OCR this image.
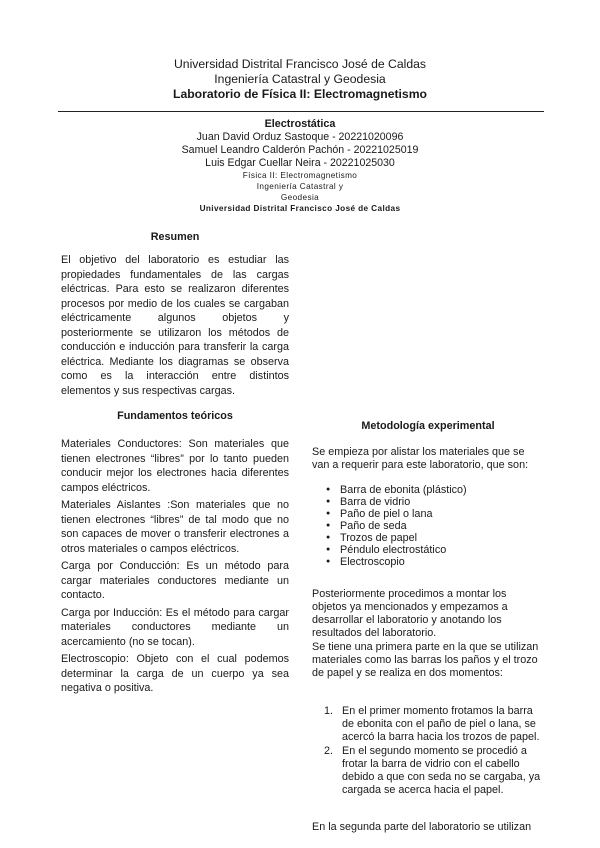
Universidad Distrital Francisco José de Caldas
Ingeniería Catastral y Geodesia
Laboratorio de Física II: Electromagnetismo
Electrostática
Juan David Orduz Sastoque - 20221020096
Samuel Leandro Calderón Pachón - 20221025019
Luis Edgar Cuellar Neira - 20221025030
Física II: Electromagnetismo
Ingeniería Catastral y
Geodesia
Universidad Distrital Francisco José de Caldas
Resumen
El objetivo del laboratorio es estudiar las propiedades fundamentales de las cargas eléctricas. Para esto se realizaron diferentes procesos por medio de los cuales se cargaban eléctricamente algunos objetos y posteriormente se utilizaron los métodos de conducción e inducción para transferir la carga eléctrica. Mediante los diagramas se observa como es la interacción entre distintos elementos y sus respectivas cargas.
Fundamentos teóricos

Materiales Conductores: Son materiales que tienen electrones “libres” por lo tanto pueden conducir mejor los electrones hacia diferentes campos eléctricos.

Materiales Aislantes :Son materiales que no tienen electrones “libres” de tal modo que no son capaces de mover o transferir electrones a otros materiales o campos eléctricos.

Carga por Conducción: Es un método para cargar materiales conductores mediante un contacto.

Carga por Inducción: Es el método para cargar materiales conductores mediante un acercamiento (no se tocan).

Electroscopio: Objeto con el cual podemos determinar la carga de un cuerpo ya sea negativa o positiva.

Metodología experimental
Se empieza por alistar los materiales que se van a requerir para este laboratorio, que son:
● Barra de ebonita (plástico)
● Barra de vidrio
● Paño de piel o lana
● Paño de seda
● Trozos de papel
● Péndulo electrostático
● Electroscopio
Posteriormente procedimos a montar los objetos ya mencionados y empezamos a desarrollar el laboratorio y anotando los resultados del laboratorio.
Se tiene una primera parte en la que se utilizan materiales como las barras los paños y el trozo de papel y se realiza en dos momentos:
1. En el primer momento frotamos la barra de ebonita con el paño de piel o lana, se acercó la barra hacia los trozos de papel.
2. En el segundo momento se procedió a frotar la barra de vidrio con el cabello debido a que con seda no se cargaba, ya cargada se acerca hacia el papel.
En la segunda parte del laboratorio se utilizan
